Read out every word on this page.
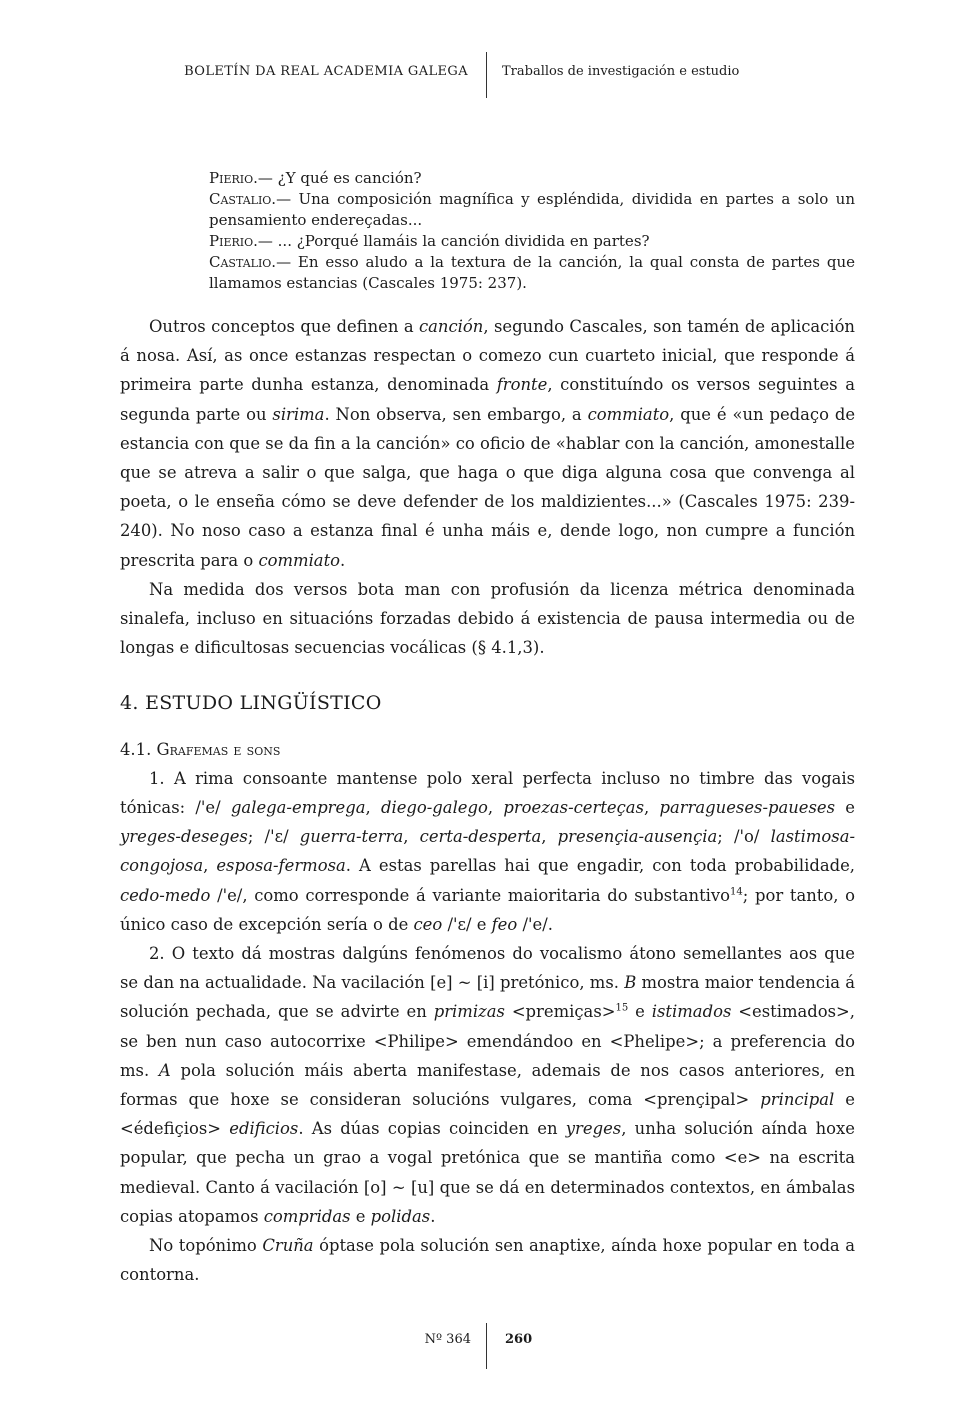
BOLETÍN DA REAL ACADEMIA GALEGA	Traballos de investigación e estudio

Pierio.— ¿Y qué es canción?

Castalio.— Una composición magnífica y espléndida, dividida en partes a solo un pensamiento endereçadas...

Pierio.— ... ¿Porqué llamáis la canción dividida en partes?

Castalio.— En esso aludo a la textura de la canción, la qual consta de partes que llamamos estancias (Cascales 1975: 237).

Outros conceptos que definen a canción, segundo Cascales, son tamén de aplicación á nosa. Así, as once estanzas respectan o comezo cun cuarteto inicial, que responde á primeira parte dunha estanza, denominada fronte, constituíndo os versos seguintes a segunda parte ou sirima. Non observa, sen embargo, a commiato, que é «un pedaço de estancia con que se da fin a la canción» co oficio de «hablar con la canción, amonestalle que se atreva a salir o que salga, que haga o que diga alguna cosa que convenga al poeta, o le enseña cómo se deve defender de los maldizientes...» (Cascales 1975: 239-240). No noso caso a estanza final é unha máis e, dende logo, non cumpre a función prescrita para o commiato.

Na medida dos versos bota man con profusión da licenza métrica denominada sinalefa, incluso en situacións forzadas debido á existencia de pausa intermedia ou de longas e dificultosas secuencias vocálicas (§ 4.1,3).

4. ESTUDO LINGÜÍSTICO
4.1. Grafemas e sons

1. A rima consoante mantense polo xeral perfecta incluso no timbre das vogais tónicas: /'e/ galega-emprega, diego-galego, proezas-certeças, parragueses-paueses e yreges-deseges; /'ɛ/ guerra-terra, certa-desperta, presençia-ausençia; /'o/ lastimosa-congojosa, esposa-fermosa. A estas parellas hai que engadir, con toda probabilidade, cedo-medo /'e/, como corresponde á variante maioritaria do substantivo$^{14}$; por tanto, o único caso de excepción sería o de ceo /'ɛ/ e feo /'e/.

2. O texto dá mostras dalgúns fenómenos do vocalismo átono semellantes aos que se dan na actualidade. Na vacilación [e] ~ [i] pretónico, ms. B mostra maior tendencia á solución pechada, que se advirte en primizas <premiças>$^{15}$ e istimados <estimados>, se ben nun caso autocorrixe <Philipe> emendándoo en <Phelipe>; a preferencia do ms. A pola solución máis aberta manifestase, ademais de nos casos anteriores, en formas que hoxe se consideran solucións vulgares, coma <prençipal> principal e <édefiçios> edificios. As dúas copias coinciden en yreges, unha solución aínda hoxe popular, que pecha un grao a vogal pretónica que se mantiña como <e> na escrita medieval. Canto á vacilación [o] ~ [u] que se dá en determinados contextos, en ámbalas copias atopamos compridas e polidas.

No topónimo Cruña óptase pola solución sen anaptixe, aínda hoxe popular en toda a contorna.

Nº 364	260
